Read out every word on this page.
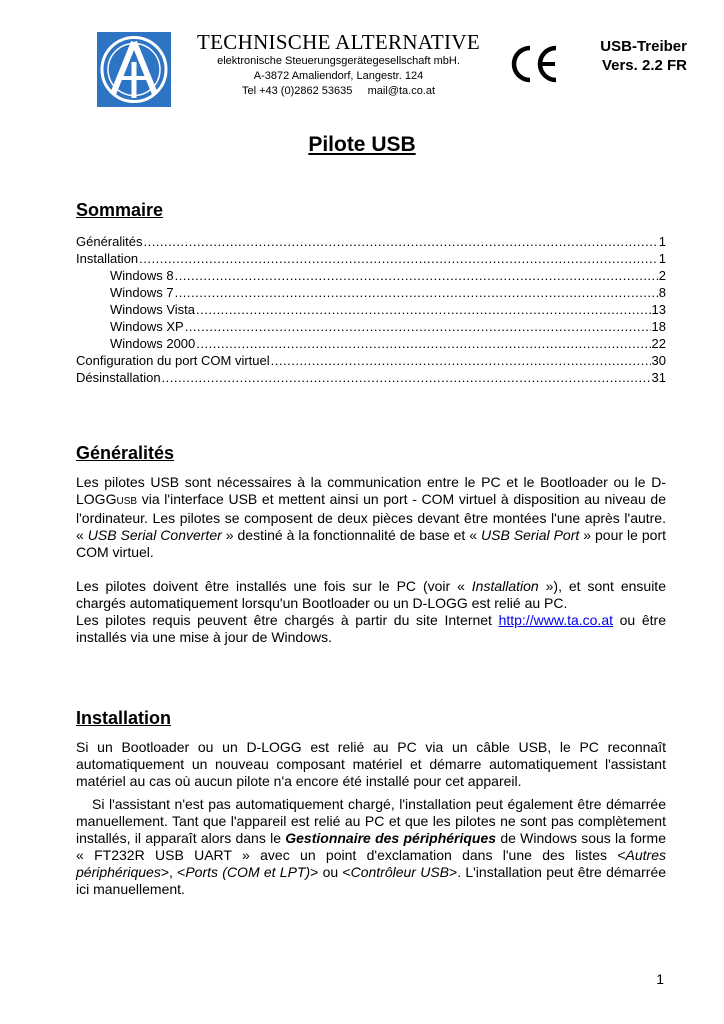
TECHNISCHE ALTERNATIVE
elektronische Steuerungsgerätegesellschaft mbH.
A-3872 Amaliendorf, Langestr. 124
Tel +43 (0)2862 53635     mail@ta.co.at
USB-Treiber
Vers. 2.2 FR
Pilote USB
Sommaire
Généralités .....	1
Installation .....	1
Windows 8 .....	2
Windows 7 .....	8
Windows Vista .....	13
Windows XP .....	18
Windows 2000 .....	22
Configuration du port COM virtuel .....	30
Désinstallation .....	31
Généralités

Les pilotes USB sont nécessaires à la communication entre le PC et le Bootloader ou le D-LOGGUSB via l'interface USB et mettent ainsi un port - COM virtuel à disposition au niveau de l'ordinateur. Les pilotes se composent de deux pièces devant être montées l'une après l'autre. « USB Serial Converter » destiné à la fonctionnalité de base et « USB Serial Port » pour le port COM virtuel.

Les pilotes doivent être installés une fois sur le PC (voir « Installation »), et sont ensuite chargés automatiquement lorsqu'un Bootloader ou un D-LOGG est relié au PC.

Les pilotes requis peuvent être chargés à partir du site Internet http://www.ta.co.at ou être installés via une mise à jour de Windows.

Installation

Si un Bootloader ou un D-LOGG est relié au PC via un câble USB, le PC reconnaît automatiquement un nouveau composant matériel et démarre automatiquement l'assistant matériel au cas où aucun pilote n'a encore été installé pour cet appareil.

Si l'assistant n'est pas automatiquement chargé, l'installation peut également être démarrée manuellement. Tant que l'appareil est relié au PC et que les pilotes ne sont pas complètement installés, il apparaît alors dans le Gestionnaire des périphériques de Windows sous la forme « FT232R USB UART » avec un point d'exclamation dans l'une des listes <Autres périphériques>, <Ports (COM et LPT)> ou <Contrôleur USB>. L'installation peut être démarrée ici manuellement.

1
